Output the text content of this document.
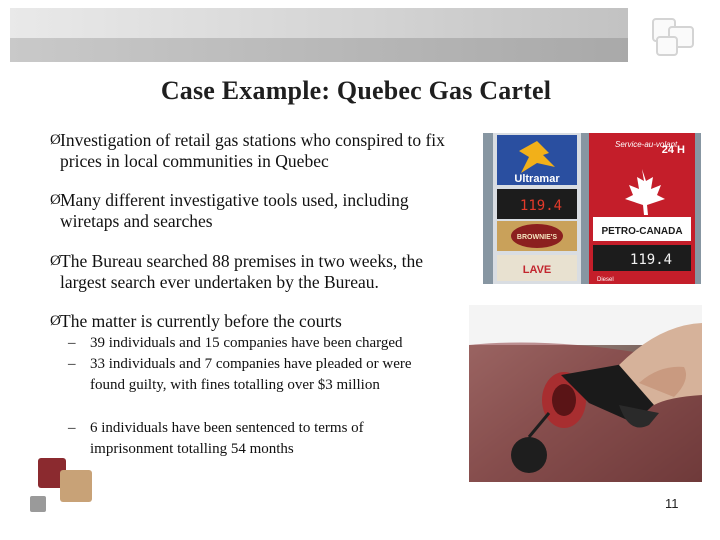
Case Example: Quebec Gas Cartel
Ø Investigation of retail gas stations who conspired to fix prices in local communities in Quebec
Ø Many different investigative tools used, including wiretaps and searches
Ø The Bureau searched 88 premises in two weeks, the largest search ever undertaken by the Bureau.
Ø The matter is currently before the courts
– 39 individuals and 15 companies have been charged
– 33 individuals and 7 companies have pleaded or were found guilty, with fines totalling over $3 million
– 6 individuals have been sentenced to terms of imprisonment totalling 54 months
Ultramar
119.4
BROWNIE'S
LAVE
Service-au-volant
24 H
PETRO-CANADA
119.4
Diesel
11
